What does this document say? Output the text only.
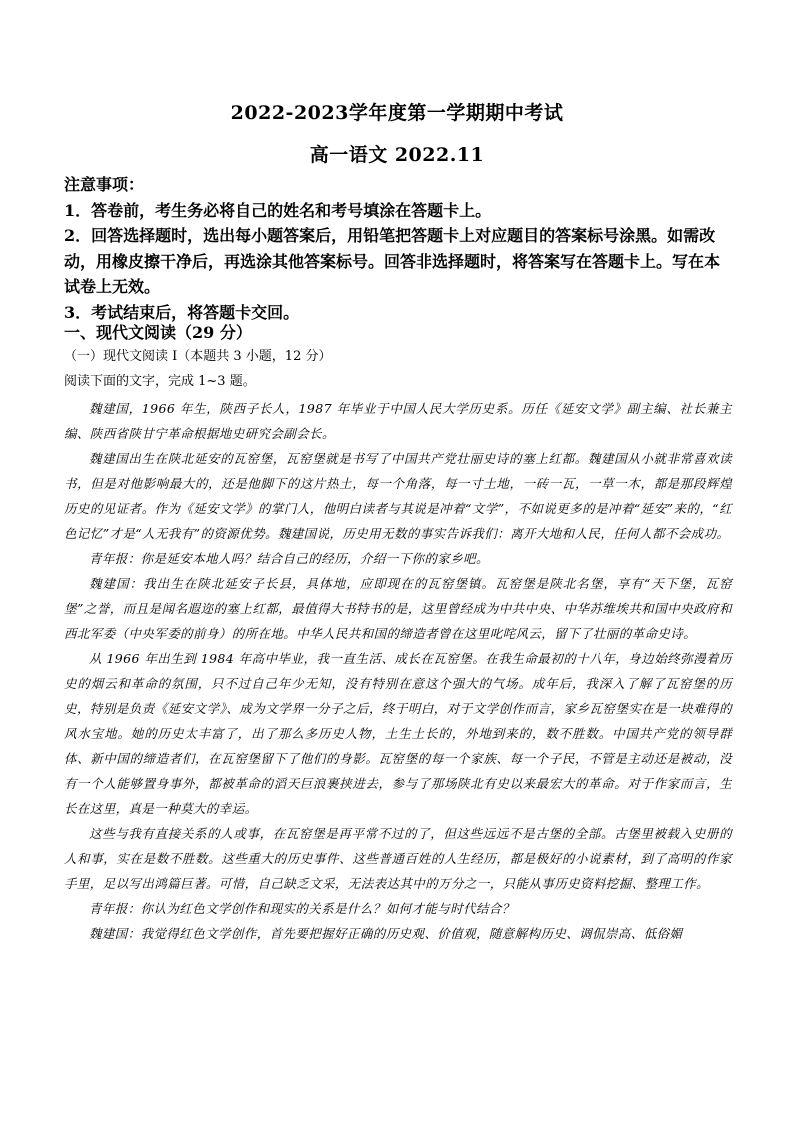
2022-2023学年度第一学期期中考试
高一语文 2022.11

注意事项：

1．答卷前，考生务必将自己的姓名和考号填涂在答题卡上。

2．回答选择题时，选出每小题答案后，用铅笔把答题卡上对应题目的答案标号涂黑。如需改动，用橡皮擦干净后，再选涂其他答案标号。回答非选择题时，将答案写在答题卡上。写在本试卷上无效。

3．考试结束后，将答题卡交回。

一、现代文阅读（29 分）
（一）现代文阅读 I（本题共 3 小题，12 分）
阅读下面的文字，完成 1~3 题。

魏建国，1966 年生，陕西子长人，1987 年毕业于中国人民大学历史系。历任《延安文学》副主编、社长兼主编、陕西省陕甘宁革命根据地史研究会副会长。

魏建国出生在陕北延安的瓦窑堡，瓦窑堡就是书写了中国共产党壮丽史诗的塞上红都。魏建国从小就非常喜欢读书，但是对他影响最大的，还是他脚下的这片热土，每一个角落，每一寸土地，一砖一瓦，一草一木，都是那段辉煌历史的见证者。作为《延安文学》的掌门人，他明白读者与其说是冲着“文学”，不如说更多的是冲着“延安”来的，“红色记忆”才是“人无我有”的资源优势。魏建国说，历史用无数的事实告诉我们：离开大地和人民，任何人都不会成功。

青年报：你是延安本地人吗？结合自己的经历，介绍一下你的家乡吧。

魏建国：我出生在陕北延安子长县，具体地，应即现在的瓦窑堡镇。瓦窑堡是陕北名堡，享有“天下堡，瓦窑堡”之誉，而且是闻名遐迩的塞上红都，最值得大书特书的是，这里曾经成为中共中央、中华苏维埃共和国中央政府和西北军委（中央军委的前身）的所在地。中华人民共和国的缔造者曾在这里叱咤风云，留下了壮丽的革命史诗。

从 1966 年出生到 1984 年高中毕业，我一直生活、成长在瓦窑堡。在我生命最初的十八年，身边始终弥漫着历史的烟云和革命的氛围，只不过自己年少无知，没有特别在意这个强大的气场。成年后，我深入了解了瓦窑堡的历史，特别是负责《延安文学》、成为文学界一分子之后，终于明白，对于文学创作而言，家乡瓦窑堡实在是一块难得的风水宝地。她的历史太丰富了，出了那么多历史人物，土生土长的，外地到来的，数不胜数。中国共产党的领导群体、新中国的缔造者们，在瓦窑堡留下了他们的身影。瓦窑堡的每一个家族、每一个子民，不管是主动还是被动，没有一个人能够置身事外，都被革命的滔天巨浪裹挟进去，参与了那场陕北有史以来最宏大的革命。对于作家而言，生长在这里，真是一种莫大的幸运。

这些与我有直接关系的人或事，在瓦窑堡是再平常不过的了，但这些远远不是古堡的全部。古堡里被载入史册的人和事，实在是数不胜数。这些重大的历史事件、这些普通百姓的人生经历，都是极好的小说素材，到了高明的作家手里，足以写出鸿篇巨著。可惜，自己缺乏文采，无法表达其中的万分之一，只能从事历史资料挖掘、整理工作。

青年报：你认为红色文学创作和现实的关系是什么？如何才能与时代结合？

魏建国：我觉得红色文学创作，首先要把握好正确的历史观、价值观，随意解构历史、调侃崇高、低俗媚
